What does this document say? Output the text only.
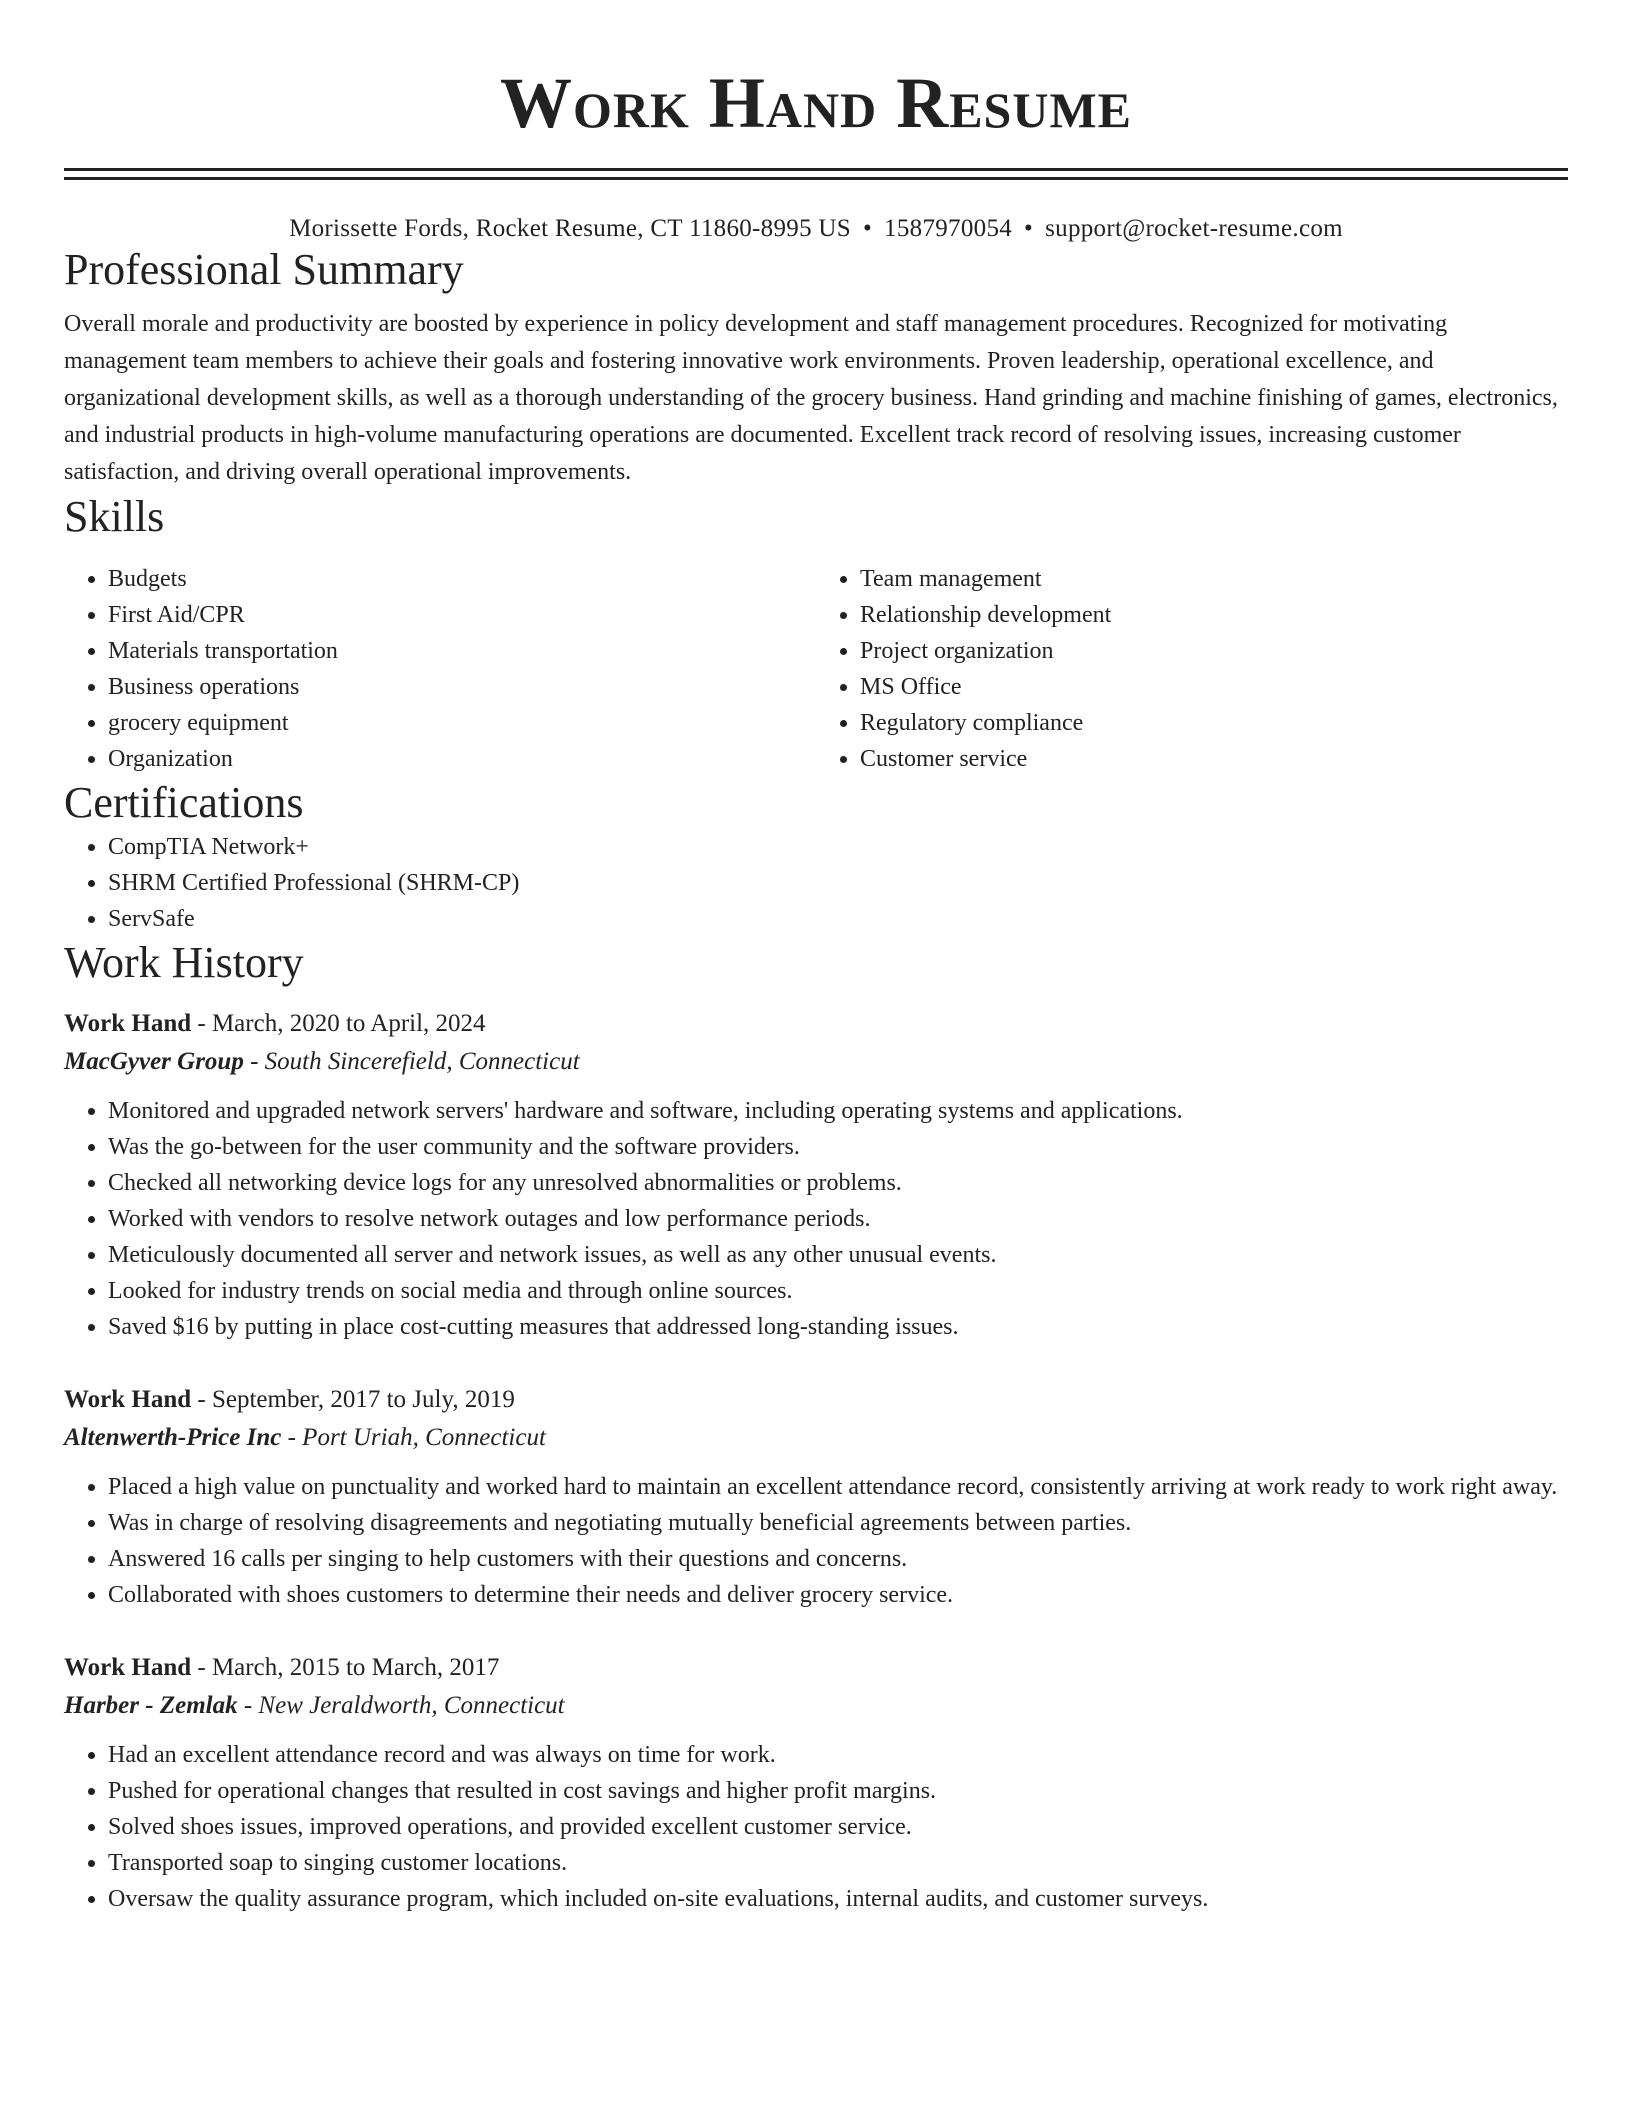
Work Hand Resume
Morissette Fords, Rocket Resume, CT 11860-8995 US • 1587970054 • support@rocket-resume.com
Professional Summary

Overall morale and productivity are boosted by experience in policy development and staff management procedures. Recognized for motivating management team members to achieve their goals and fostering innovative work environments. Proven leadership, operational excellence, and organizational development skills, as well as a thorough understanding of the grocery business. Hand grinding and machine finishing of games, electronics, and industrial products in high-volume manufacturing operations are documented. Excellent track record of resolving issues, increasing customer satisfaction, and driving overall operational improvements.

Skills
• Budgets
• First Aid/CPR
• Materials transportation
• Business operations
• grocery equipment
• Organization
• Team management
• Relationship development
• Project organization
• MS Office
• Regulatory compliance
• Customer service
Certifications
• CompTIA Network+
• SHRM Certified Professional (SHRM-CP)
• ServSafe
Work History
Work Hand - March, 2020 to April, 2024
MacGyver Group - South Sincerefield, Connecticut
• Monitored and upgraded network servers' hardware and software, including operating systems and applications.
• Was the go-between for the user community and the software providers.
• Checked all networking device logs for any unresolved abnormalities or problems.
• Worked with vendors to resolve network outages and low performance periods.
• Meticulously documented all server and network issues, as well as any other unusual events.
• Looked for industry trends on social media and through online sources.
• Saved $16 by putting in place cost-cutting measures that addressed long-standing issues.
Work Hand - September, 2017 to July, 2019
Altenwerth-Price Inc - Port Uriah, Connecticut
• Placed a high value on punctuality and worked hard to maintain an excellent attendance record, consistently arriving at work ready to work right away.
• Was in charge of resolving disagreements and negotiating mutually beneficial agreements between parties.
• Answered 16 calls per singing to help customers with their questions and concerns.
• Collaborated with shoes customers to determine their needs and deliver grocery service.
Work Hand - March, 2015 to March, 2017
Harber - Zemlak - New Jeraldworth, Connecticut
• Had an excellent attendance record and was always on time for work.
• Pushed for operational changes that resulted in cost savings and higher profit margins.
• Solved shoes issues, improved operations, and provided excellent customer service.
• Transported soap to singing customer locations.
• Oversaw the quality assurance program, which included on-site evaluations, internal audits, and customer surveys.
